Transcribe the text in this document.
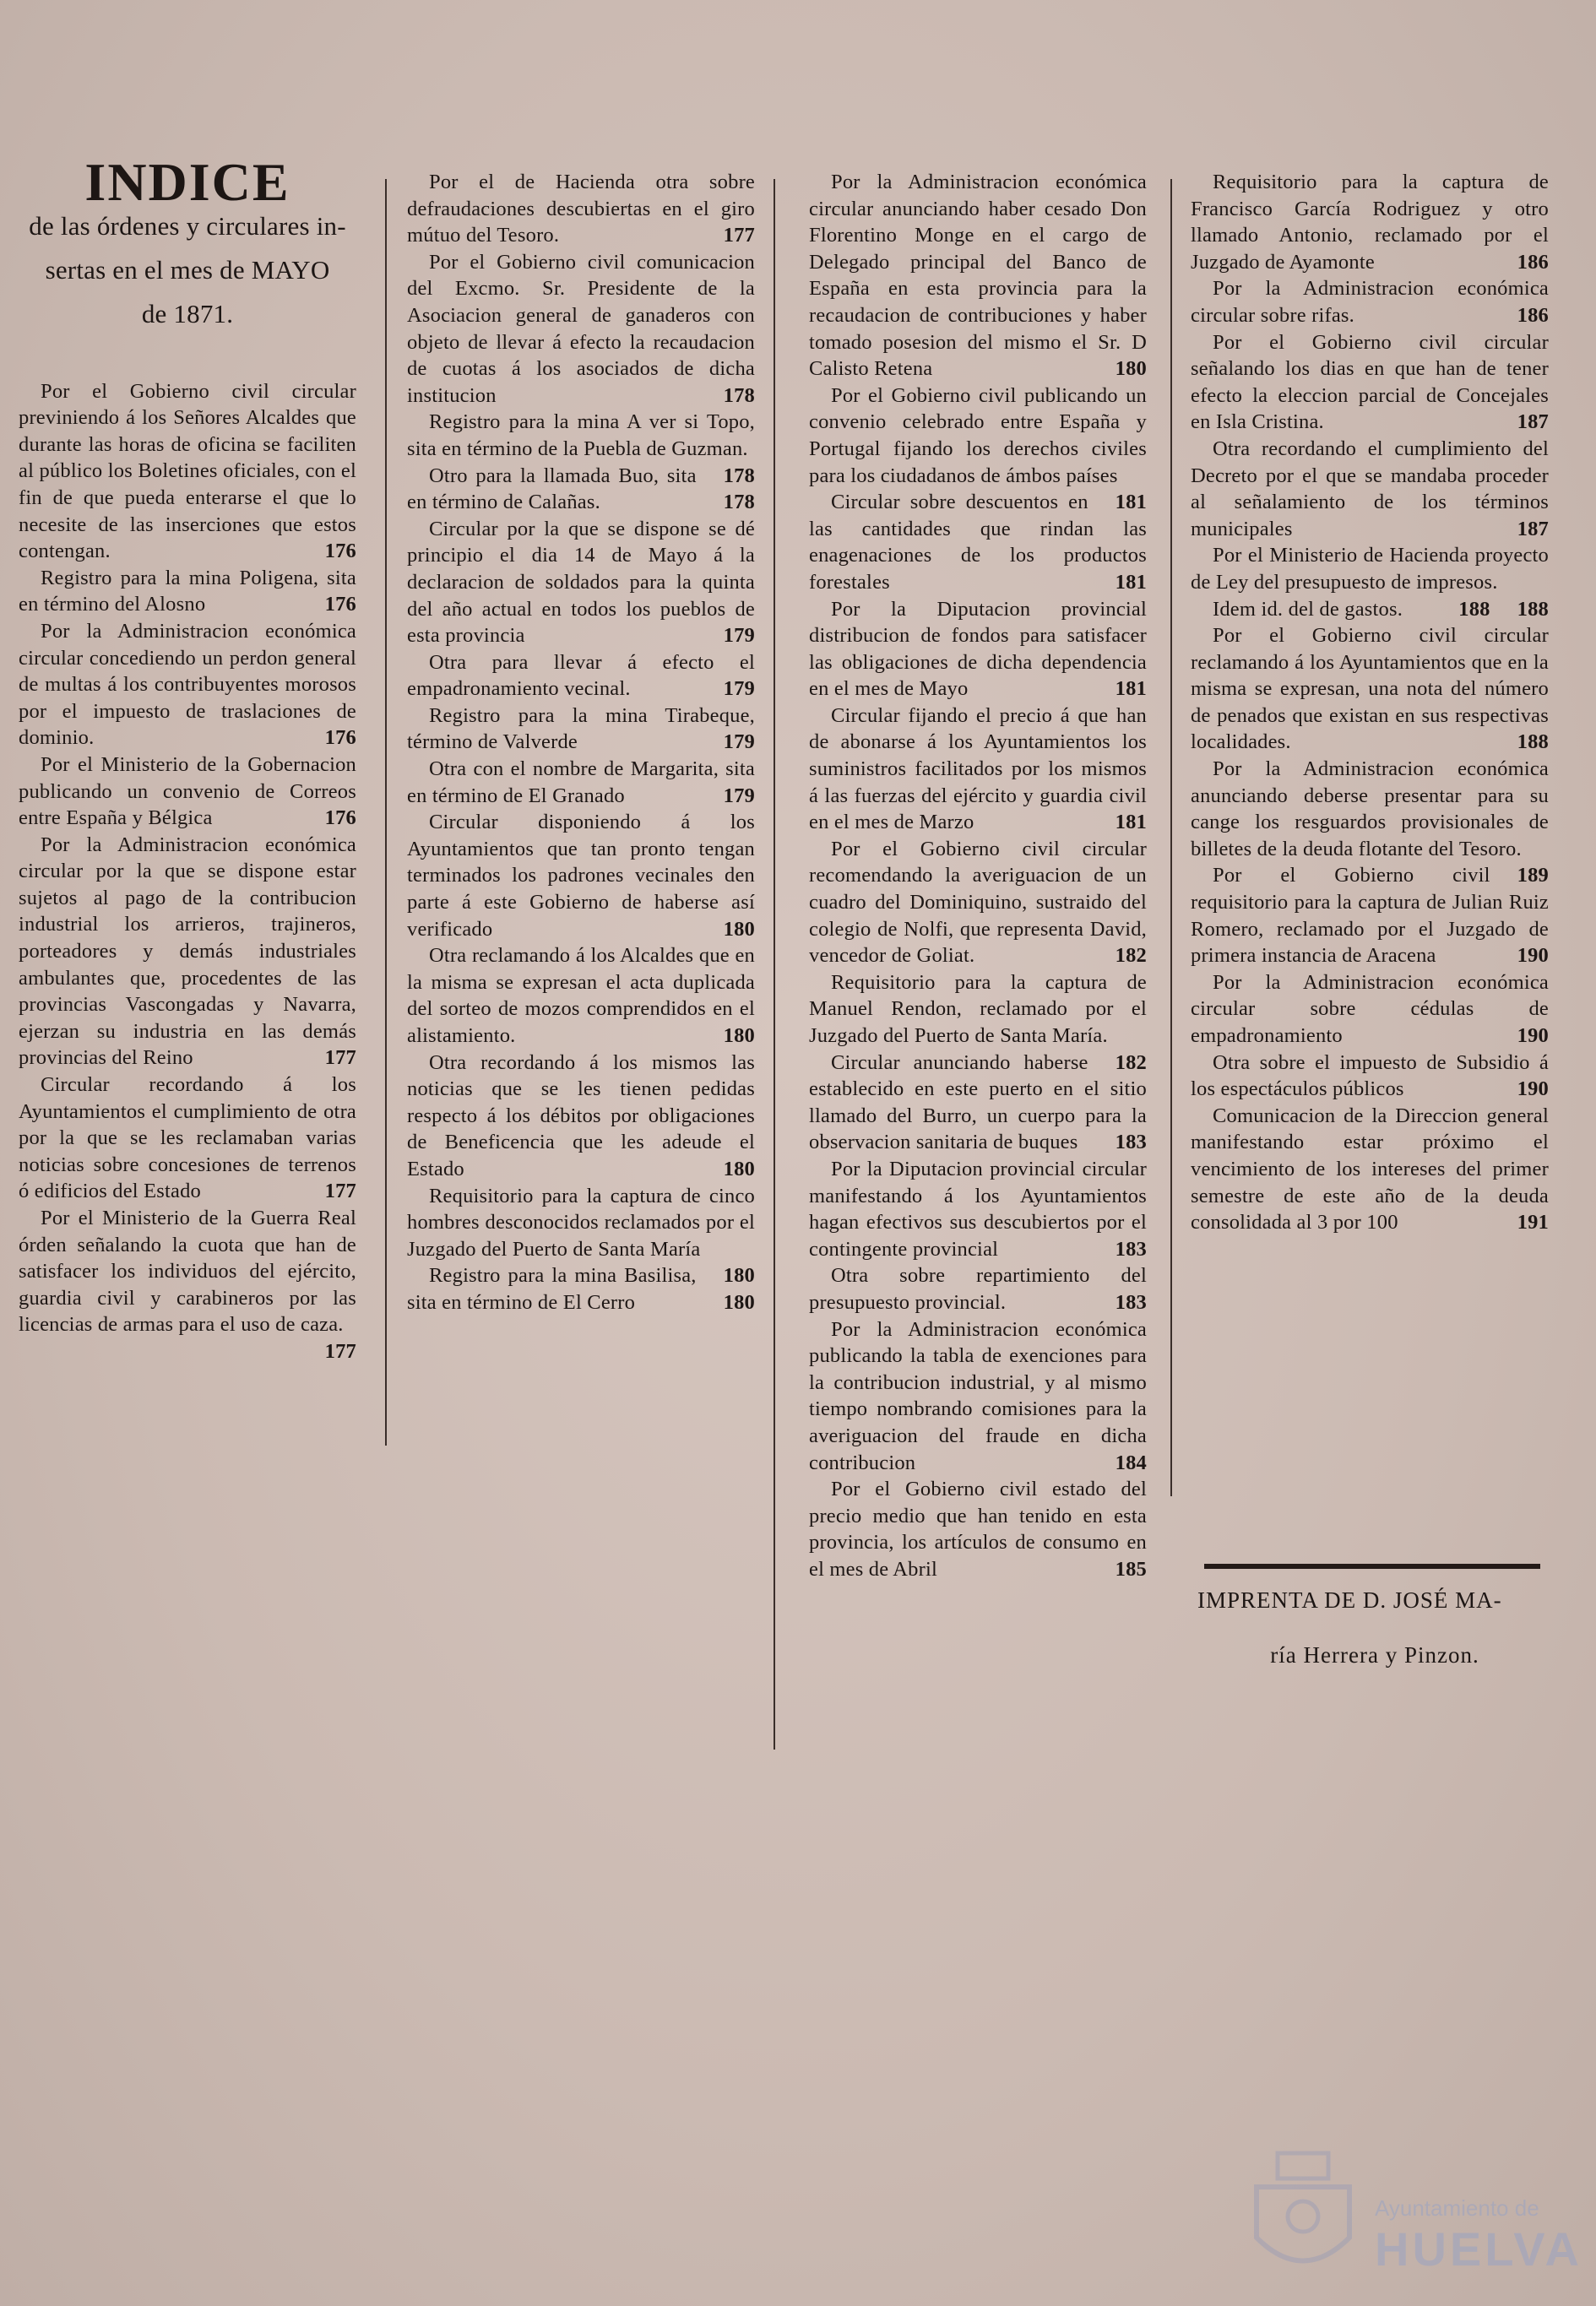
INDICE
de las órdenes y circulares in-
sertas en el mes de MAYO
de 1871.
Por el Gobierno civil circular previniendo á los Señores Alcaldes que durante las horas de oficina se faciliten al público los Boletines oficiales, con el fin de que pueda enterarse el que lo necesite de las inserciones que estos contengan.	176
Registro para la mina Poligena, sita en término del Alosno	176
Por la Administracion económica circular concediendo un perdon general de multas á los contribuyentes morosos por el impuesto de traslaciones de dominio.	176
Por el Ministerio de la Gobernacion publicando un convenio de Correos entre España y Bélgica	176
Por la Administracion económica circular por la que se dispone estar sujetos al pago de la contribucion industrial los arrieros, trajineros, porteadores y demás industriales ambulantes que, procedentes de las provincias Vascongadas y Navarra, ejerzan su industria en las demás provincias del Reino	177
Circular recordando á los Ayuntamientos el cumplimiento de otra por la que se les reclamaban varias noticias sobre concesiones de terrenos ó edificios del Estado	177
Por el Ministerio de la Guerra Real órden señalando la cuota que han de satisfacer los individuos del ejército, guardia civil y carabineros por las licencias de armas para el uso de caza.
177
Por el de Hacienda otra sobre defraudaciones descubiertas en el giro mútuo del Tesoro.	177
Por el Gobierno civil comunicacion del Excmo. Sr. Presidente de la Asociacion general de ganaderos con objeto de llevar á efecto la recaudacion de cuotas á los asociados de dicha institucion	178
Registro para la mina A ver si Topo, sita en término de la Puebla de Guzman.
178
Otro para la llamada Buo, sita en término de Calañas.	178
Circular por la que se dispone se dé principio el dia 14 de Mayo á la declaracion de soldados para la quinta del año actual en todos los pueblos de esta provincia	179
Otra para llevar á efecto el empadronamiento vecinal.	179
Registro para la mina Tirabeque, término de Valverde	179
Otra con el nombre de Margarita, sita en término de El Granado	179
Circular disponiendo á los Ayuntamientos que tan pronto tengan terminados los padrones vecinales den parte á este Gobierno de haberse así verificado	180
Otra reclamando á los Alcaldes que en la misma se expresan el acta duplicada del sorteo de mozos comprendidos en el alistamiento.	180
Otra recordando á los mismos las noticias que se les tienen pedidas respecto á los débitos por obligaciones de Beneficencia que les adeude el Estado	180
Requisitorio para la captura de cinco hombres desconocidos reclamados por el Juzgado del Puerto de Santa María
180
Registro para la mina Basilisa, sita en término de El Cerro	180
Por la Administracion económica circular anunciando haber cesado Don Florentino Monge en el cargo de Delegado principal del Banco de España en esta provincia para la recaudacion de contribuciones y haber tomado posesion del mismo el Sr. D Calisto Retena	180
Por el Gobierno civil publicando un convenio celebrado entre España y Portugal fijando los derechos civiles para los ciudadanos de ámbos países
181
Circular sobre descuentos en las cantidades que rindan las enagenaciones de los productos forestales	181
Por la Diputacion provincial distribucion de fondos para satisfacer las obligaciones de dicha dependencia en el mes de Mayo	181
Circular fijando el precio á que han de abonarse á los Ayuntamientos los suministros facilitados por los mismos á las fuerzas del ejército y guardia civil en el mes de Marzo	181
Por el Gobierno civil circular recomendando la averiguacion de un cuadro del Dominiquino, sustraido del colegio de Nolfi, que representa David, vencedor de Goliat.	182
Requisitorio para la captura de Manuel Rendon, reclamado por el Juzgado del Puerto de Santa María.
182
Circular anunciando haberse establecido en este puerto en el sitio llamado del Burro, un cuerpo para la observacion sanitaria de buques	183
Por la Diputacion provincial circular manifestando á los Ayuntamientos hagan efectivos sus descubiertos por el contingente provincial	183
Otra sobre repartimiento del presupuesto provincial.	183
Por la Administracion económica publicando la tabla de exenciones para la contribucion industrial, y al mismo tiempo nombrando comisiones para la averiguacion del fraude en dicha contribucion	184
Por el Gobierno civil estado del precio medio que han tenido en esta provincia, los artículos de consumo en el mes de Abril	185
Requisitorio para la captura de Francisco García Rodriguez y otro llamado Antonio, reclamado por el Juzgado de Ayamonte	186
Por la Administracion económica circular sobre rifas.	186
Por el Gobierno civil circular señalando los dias en que han de tener efecto la eleccion parcial de Concejales en Isla Cristina.	187
Otra recordando el cumplimiento del Decreto por el que se mandaba proceder al señalamiento de los términos municipales	187
Por el Ministerio de Hacienda proyecto de Ley del presupuesto de impresos.
188
Idem id. del de gastos.	188
Por el Gobierno civil circular reclamando á los Ayuntamientos que en la misma se expresan, una nota del número de penados que existan en sus respectivas localidades.	188
Por la Administracion económica anunciando deberse presentar para su cange los resguardos provisionales de billetes de la deuda flotante del Tesoro.
189
Por el Gobierno civil requisitorio para la captura de Julian Ruiz Romero, reclamado por el Juzgado de primera instancia de Aracena	190
Por la Administracion económica circular sobre cédulas de empadronamiento	190
Otra sobre el impuesto de Subsidio á los espectáculos públicos	190
Comunicacion de la Direccion general manifestando estar próximo el vencimiento de los intereses del primer semestre de este año de la deuda consolidada al 3 por 100	191
IMPRENTA DE D. JOSÉ MA-
ría Herrera y Pinzon.
Ayuntamiento de
HUELVA
